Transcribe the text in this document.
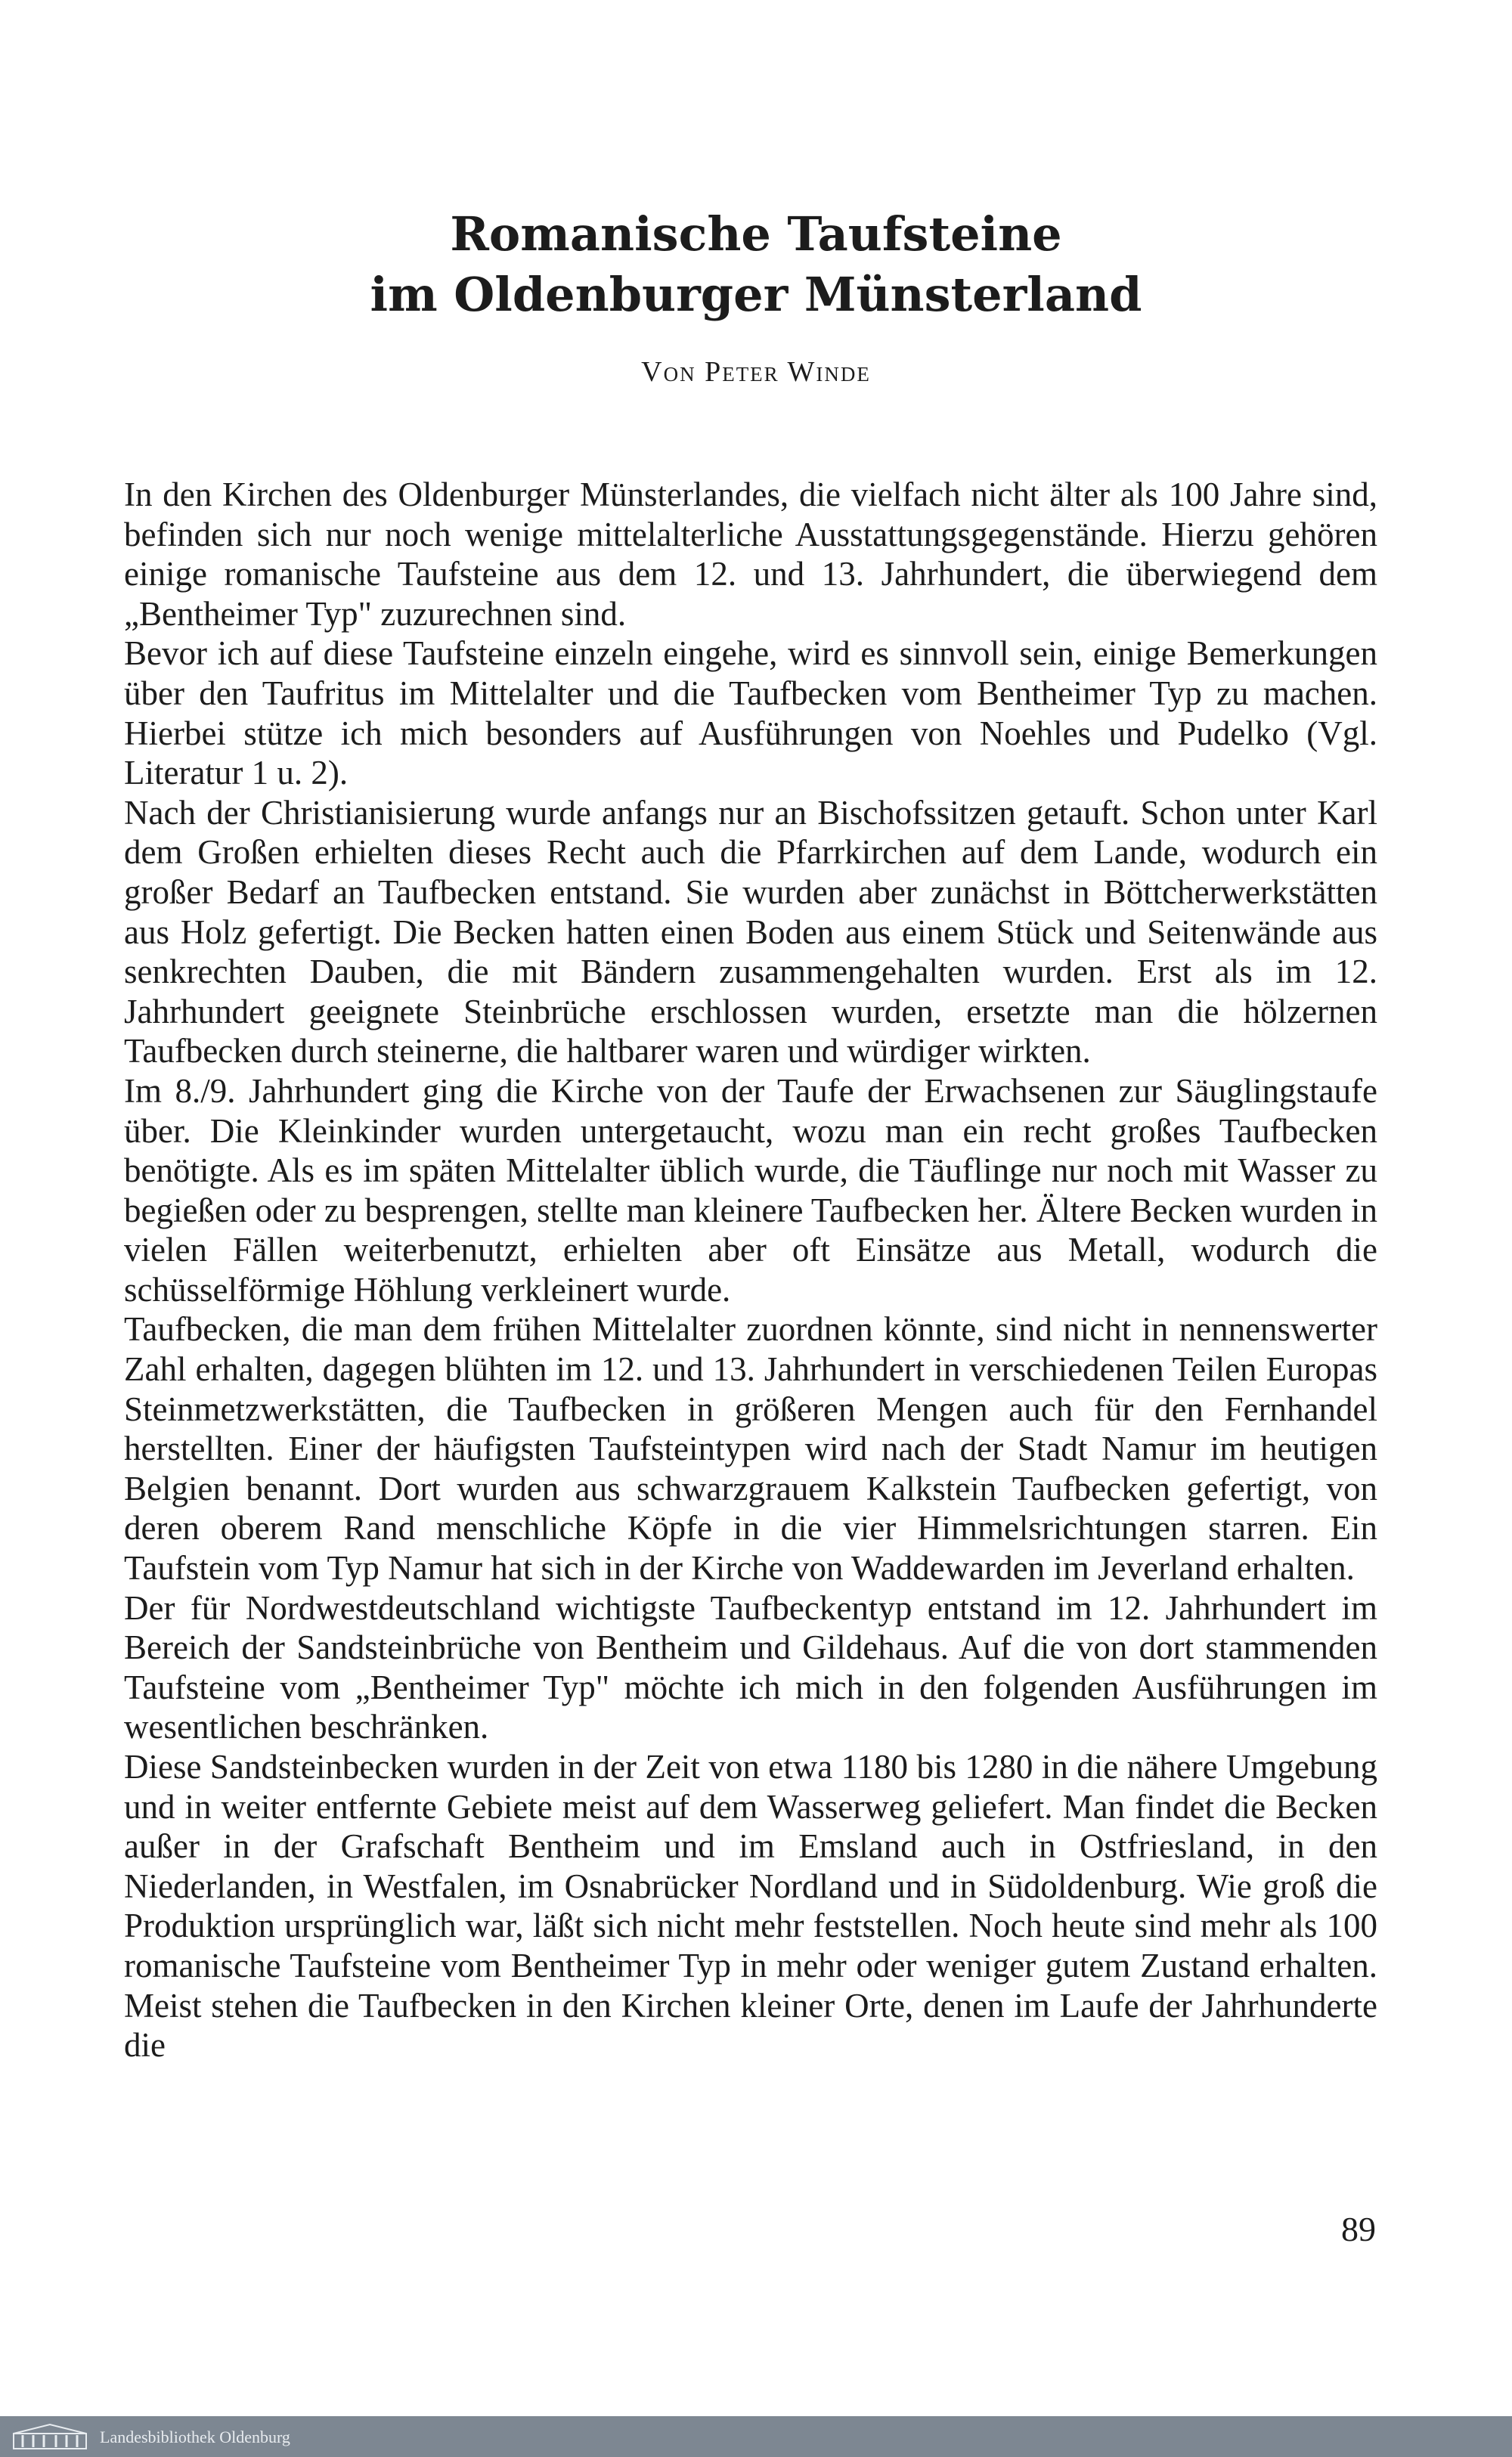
Romanische Taufsteine
im Oldenburger Münsterland
Von Peter Winde

In den Kirchen des Oldenburger Münsterlandes, die vielfach nicht älter als 100 Jahre sind, befinden sich nur noch wenige mittelalterliche Ausstattungsgegenstände. Hierzu gehören einige romanische Taufsteine aus dem 12. und 13. Jahrhundert, die überwiegend dem „Bentheimer Typ" zuzurechnen sind.

Bevor ich auf diese Taufsteine einzeln eingehe, wird es sinnvoll sein, einige Bemerkungen über den Taufritus im Mittelalter und die Taufbecken vom Bentheimer Typ zu machen. Hierbei stütze ich mich besonders auf Ausführungen von Noehles und Pudelko (Vgl. Literatur 1 u. 2).

Nach der Christianisierung wurde anfangs nur an Bischofssitzen getauft. Schon unter Karl dem Großen erhielten dieses Recht auch die Pfarrkirchen auf dem Lande, wodurch ein großer Bedarf an Taufbecken entstand. Sie wurden aber zunächst in Böttcherwerkstätten aus Holz gefertigt. Die Becken hatten einen Boden aus einem Stück und Seitenwände aus senkrechten Dauben, die mit Bändern zusammengehalten wurden. Erst als im 12. Jahrhundert geeignete Steinbrüche erschlossen wurden, ersetzte man die hölzernen Taufbecken durch steinerne, die haltbarer waren und würdiger wirkten.

Im 8./9. Jahrhundert ging die Kirche von der Taufe der Erwachsenen zur Säuglingstaufe über. Die Kleinkinder wurden untergetaucht, wozu man ein recht großes Taufbecken benötigte. Als es im späten Mittelalter üblich wurde, die Täuflinge nur noch mit Wasser zu begießen oder zu besprengen, stellte man kleinere Taufbecken her. Ältere Becken wurden in vielen Fällen weiterbenutzt, erhielten aber oft Einsätze aus Metall, wodurch die schüsselförmige Höhlung verkleinert wurde.

Taufbecken, die man dem frühen Mittelalter zuordnen könnte, sind nicht in nennenswerter Zahl erhalten, dagegen blühten im 12. und 13. Jahrhundert in verschiedenen Teilen Europas Steinmetzwerkstätten, die Taufbecken in größeren Mengen auch für den Fernhandel herstellten. Einer der häufigsten Taufsteintypen wird nach der Stadt Namur im heutigen Belgien benannt. Dort wurden aus schwarzgrauem Kalkstein Taufbecken gefertigt, von deren oberem Rand menschliche Köpfe in die vier Himmelsrichtungen starren. Ein Taufstein vom Typ Namur hat sich in der Kirche von Waddewarden im Jeverland erhalten.

Der für Nordwestdeutschland wichtigste Taufbeckentyp entstand im 12. Jahrhundert im Bereich der Sandsteinbrüche von Bentheim und Gildehaus. Auf die von dort stammenden Taufsteine vom „Bentheimer Typ" möchte ich mich in den folgenden Ausführungen im wesentlichen beschränken.

Diese Sandsteinbecken wurden in der Zeit von etwa 1180 bis 1280 in die nähere Umgebung und in weiter entfernte Gebiete meist auf dem Wasserweg geliefert. Man findet die Becken außer in der Grafschaft Bentheim und im Emsland auch in Ostfriesland, in den Niederlanden, in Westfalen, im Osnabrücker Nordland und in Südoldenburg. Wie groß die Produktion ursprünglich war, läßt sich nicht mehr feststellen. Noch heute sind mehr als 100 romanische Taufsteine vom Bentheimer Typ in mehr oder weniger gutem Zustand erhalten. Meist stehen die Taufbecken in den Kirchen kleiner Orte, denen im Laufe der Jahrhunderte die

89
Landesbibliothek Oldenburg
